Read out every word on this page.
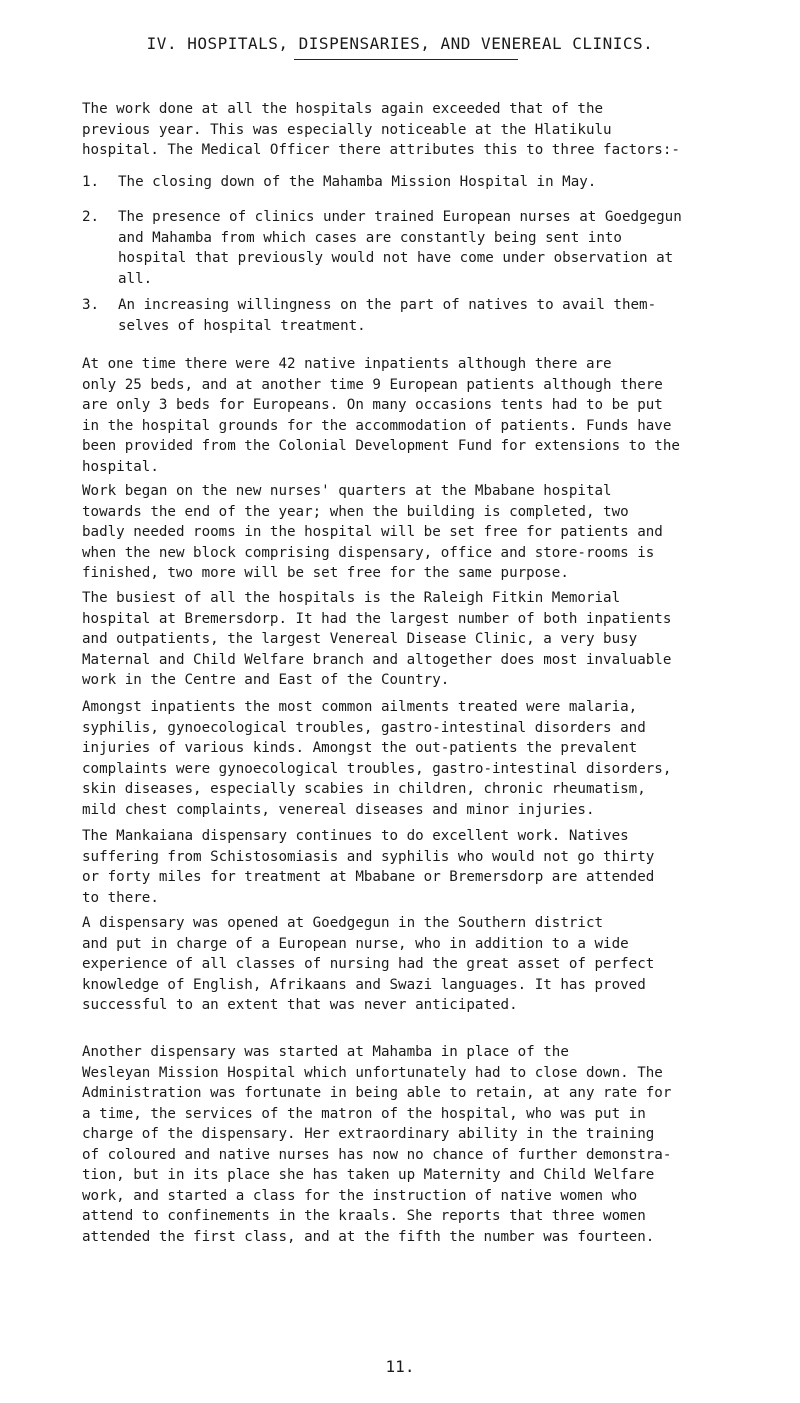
IV. HOSPITALS, DISPENSARIES, AND VENEREAL CLINICS.

The work done at all the hospitals again exceeded that of the
previous year. This was especially noticeable at the Hlatikulu
hospital. The Medical Officer there attributes this to three factors:-

1. The closing down of the Mahamba Mission Hospital in May.
2. The presence of clinics under trained European nurses at Goedgegun
and Mahamba from which cases are constantly being sent into
hospital that previously would not have come under observation at
all.
3. An increasing willingness on the part of natives to avail them-
selves of hospital treatment.

At one time there were 42 native inpatients although there are
only 25 beds, and at another time 9 European patients although there
are only 3 beds for Europeans. On many occasions tents had to be put
in the hospital grounds for the accommodation of patients. Funds have
been provided from the Colonial Development Fund for extensions to the
hospital.

Work began on the new nurses' quarters at the Mbabane hospital
towards the end of the year; when the building is completed, two
badly needed rooms in the hospital will be set free for patients and
when the new block comprising dispensary, office and store-rooms is
finished, two more will be set free for the same purpose.

The busiest of all the hospitals is the Raleigh Fitkin Memorial
hospital at Bremersdorp. It had the largest number of both inpatients
and outpatients, the largest Venereal Disease Clinic, a very busy
Maternal and Child Welfare branch and altogether does most invaluable
work in the Centre and East of the Country.

Amongst inpatients the most common ailments treated were malaria,
syphilis, gynoecological troubles, gastro-intestinal disorders and
injuries of various kinds. Amongst the out-patients the prevalent
complaints were gynoecological troubles, gastro-intestinal disorders,
skin diseases, especially scabies in children, chronic rheumatism,
mild chest complaints, venereal diseases and minor injuries.

The Mankaiana dispensary continues to do excellent work. Natives
suffering from Schistosomiasis and syphilis who would not go thirty
or forty miles for treatment at Mbabane or Bremersdorp are attended
to there.

A dispensary was opened at Goedgegun in the Southern district
and put in charge of a European nurse, who in addition to a wide
experience of all classes of nursing had the great asset of perfect
knowledge of English, Afrikaans and Swazi languages. It has proved
successful to an extent that was never anticipated.

Another dispensary was started at Mahamba in place of the
Wesleyan Mission Hospital which unfortunately had to close down. The
Administration was fortunate in being able to retain, at any rate for
a time, the services of the matron of the hospital, who was put in
charge of the dispensary. Her extraordinary ability in the training
of coloured and native nurses has now no chance of further demonstra-
tion, but in its place she has taken up Maternity and Child Welfare
work, and started a class for the instruction of native women who
attend to confinements in the kraals. She reports that three women
attended the first class, and at the fifth the number was fourteen.

11.
